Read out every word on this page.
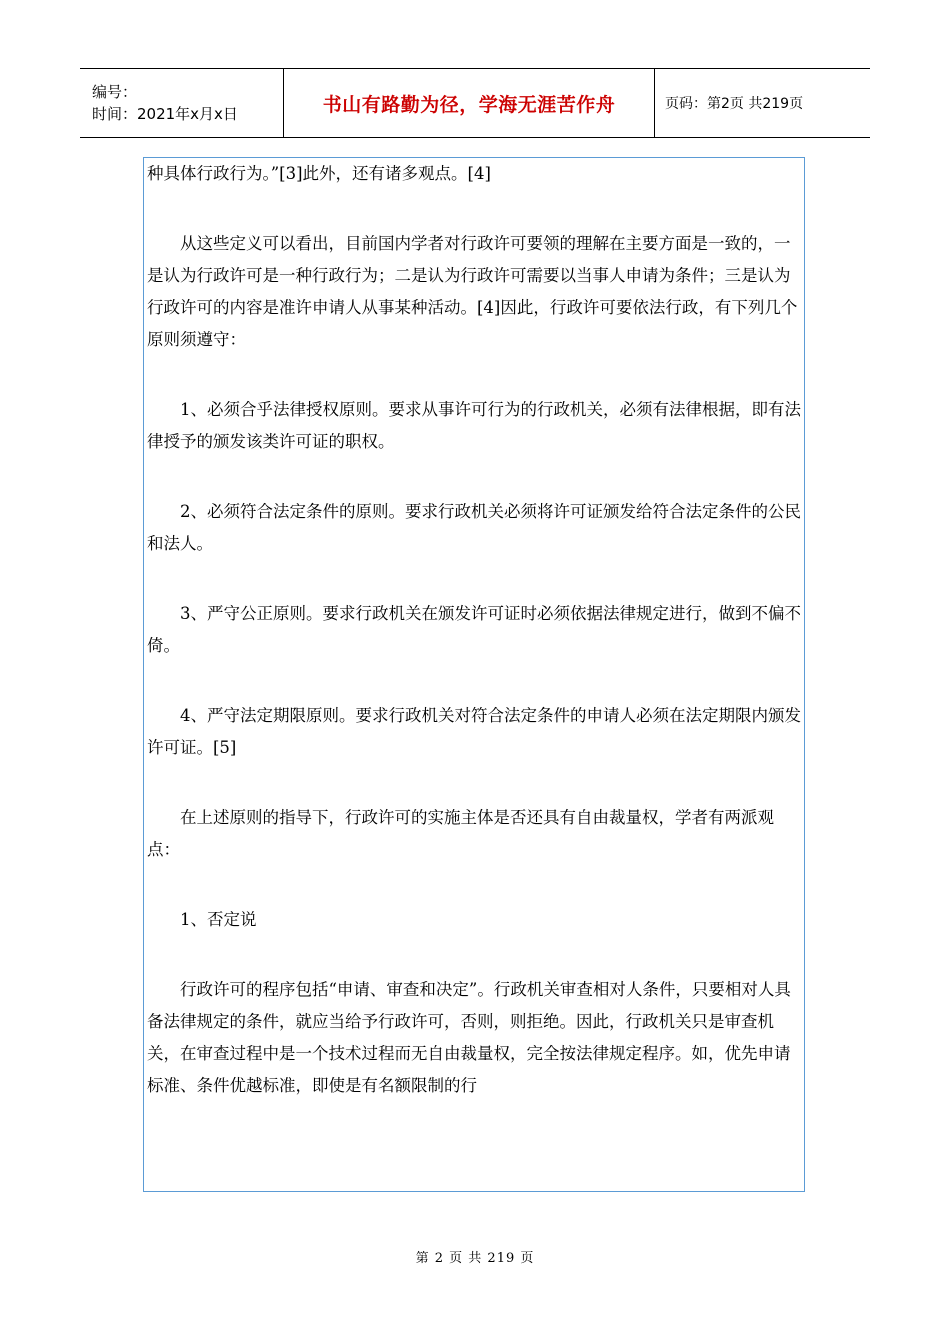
编号：
时间：2021年x月x日	书山有路勤为径，学海无涯苦作舟	页码：第2页 共219页

种具体行政行为。”[3]此外，还有诸多观点。[4]

从这些定义可以看出，目前国内学者对行政许可要领的理解在主要方面是一致的，一是认为行政许可是一种行政行为；二是认为行政许可需要以当事人申请为条件；三是认为行政许可的内容是准许申请人从事某种活动。[4]因此，行政许可要依法行政，有下列几个原则须遵守：

1、必须合乎法律授权原则。要求从事许可行为的行政机关，必须有法律根据，即有法律授予的颁发该类许可证的职权。

2、必须符合法定条件的原则。要求行政机关必须将许可证颁发给符合法定条件的公民和法人。

3、严守公正原则。要求行政机关在颁发许可证时必须依据法律规定进行，做到不偏不倚。

4、严守法定期限原则。要求行政机关对符合法定条件的申请人必须在法定期限内颁发许可证。[5]

在上述原则的指导下，行政许可的实施主体是否还具有自由裁量权，学者有两派观点：

1、否定说

行政许可的程序包括“申请、审查和决定”。行政机关审查相对人条件，只要相对人具备法律规定的条件，就应当给予行政许可，否则，则拒绝。因此，行政机关只是审查机关，在审查过程中是一个技术过程而无自由裁量权，完全按法律规定程序。如，优先申请标准、条件优越标准，即使是有名额限制的行

第 2 页 共 219 页
